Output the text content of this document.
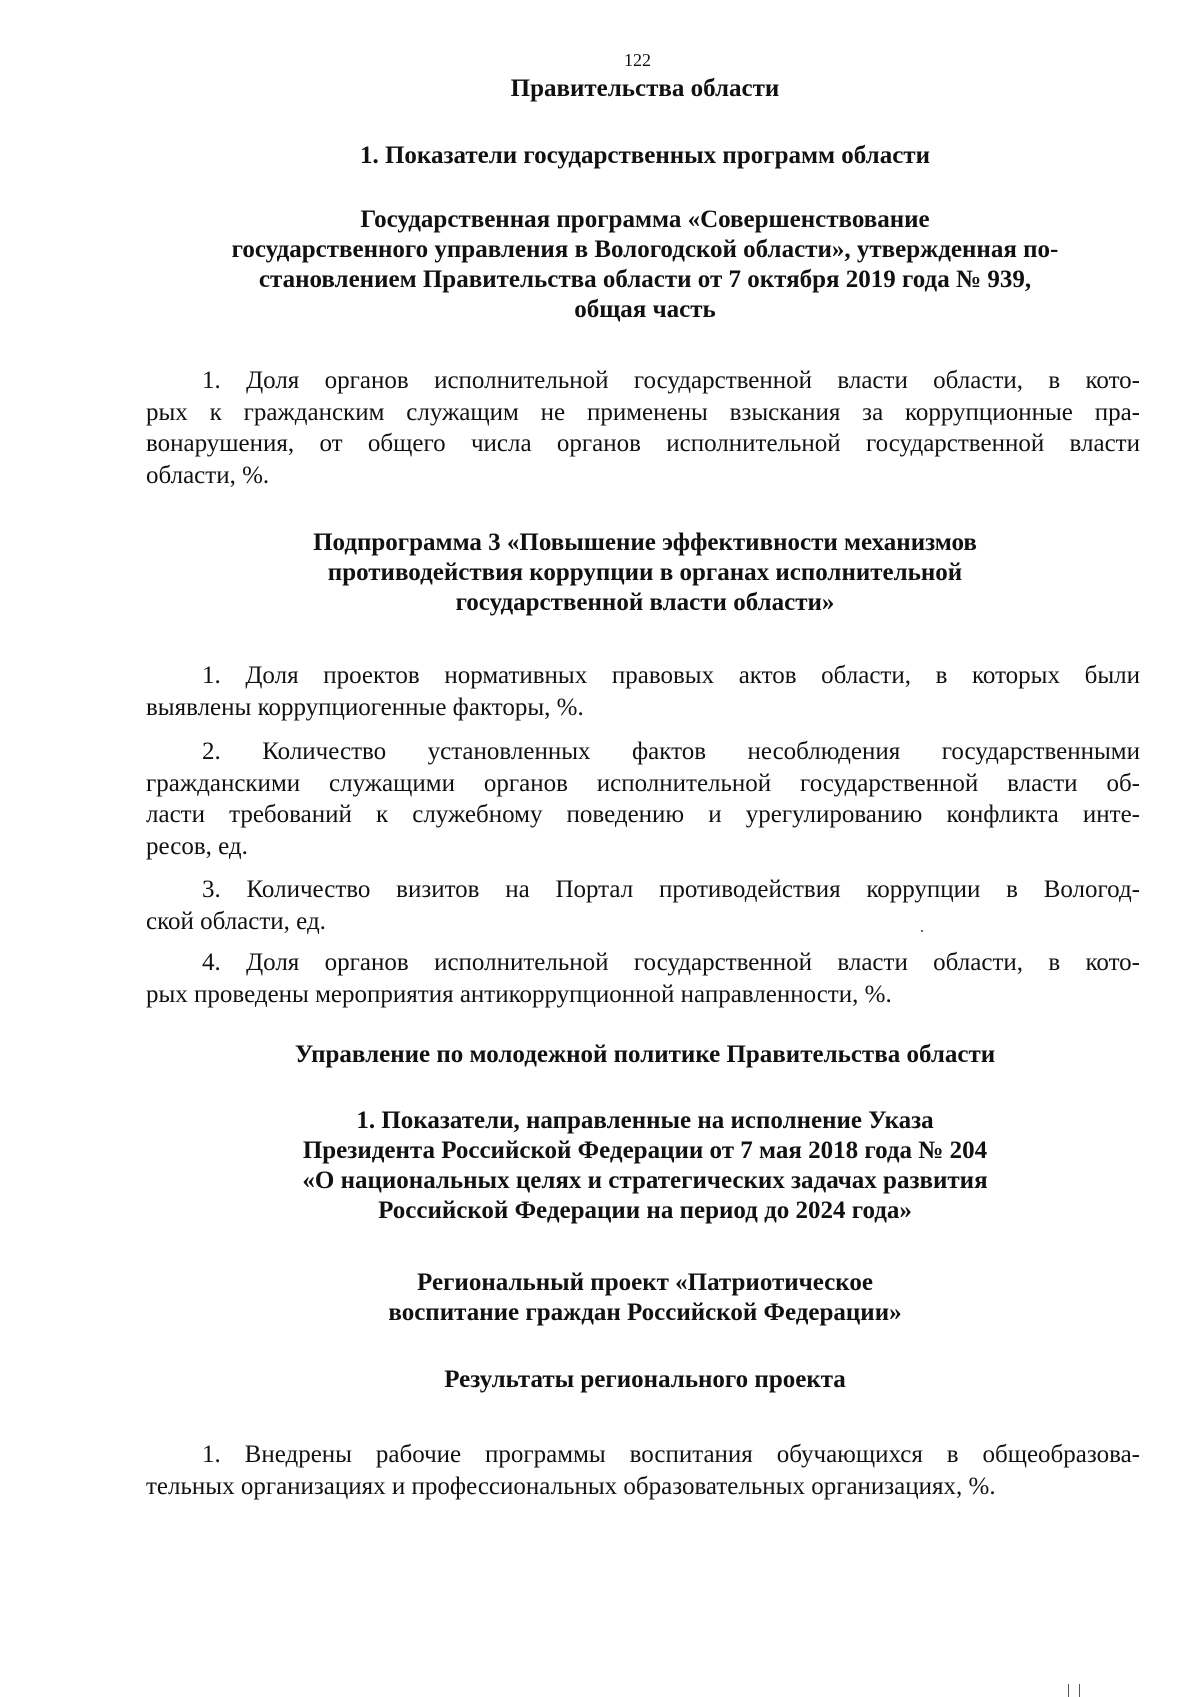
122
Правительства области
1. Показатели государственных программ области
Государственная программа «Совершенствование
государственного управления в Вологодской области», утвержденная по-
становлением Правительства области от 7 октября 2019 года № 939,
общая часть
1. Доля органов исполнительной государственной власти области, в кото-
рых к гражданским служащим не применены взыскания за коррупционные пра-
вонарушения, от общего числа органов исполнительной государственной власти
области, %.
Подпрограмма 3 «Повышение эффективности механизмов
противодействия коррупции в органах исполнительной
государственной власти области»
1. Доля проектов нормативных правовых актов области, в которых были
выявлены коррупциогенные факторы, %.
2. Количество установленных фактов несоблюдения государственными
гражданскими служащими органов исполнительной государственной власти об-
ласти требований к служебному поведению и урегулированию конфликта инте-
ресов, ед.
3. Количество визитов на Портал противодействия коррупции в Вологод-
ской области, ед.
4. Доля органов исполнительной государственной власти области, в кото-
рых проведены мероприятия антикоррупционной направленности, %.
Управление по молодежной политике Правительства области
1. Показатели, направленные на исполнение Указа
Президента Российской Федерации от 7 мая 2018 года № 204
«О национальных целях и стратегических задачах развития
Российской Федерации на период до 2024 года»
Региональный проект «Патриотическое
воспитание граждан Российской Федерации»
Результаты регионального проекта
1. Внедрены рабочие программы воспитания обучающихся в общеобразова-
тельных организациях и профессиональных образовательных организациях, %.
